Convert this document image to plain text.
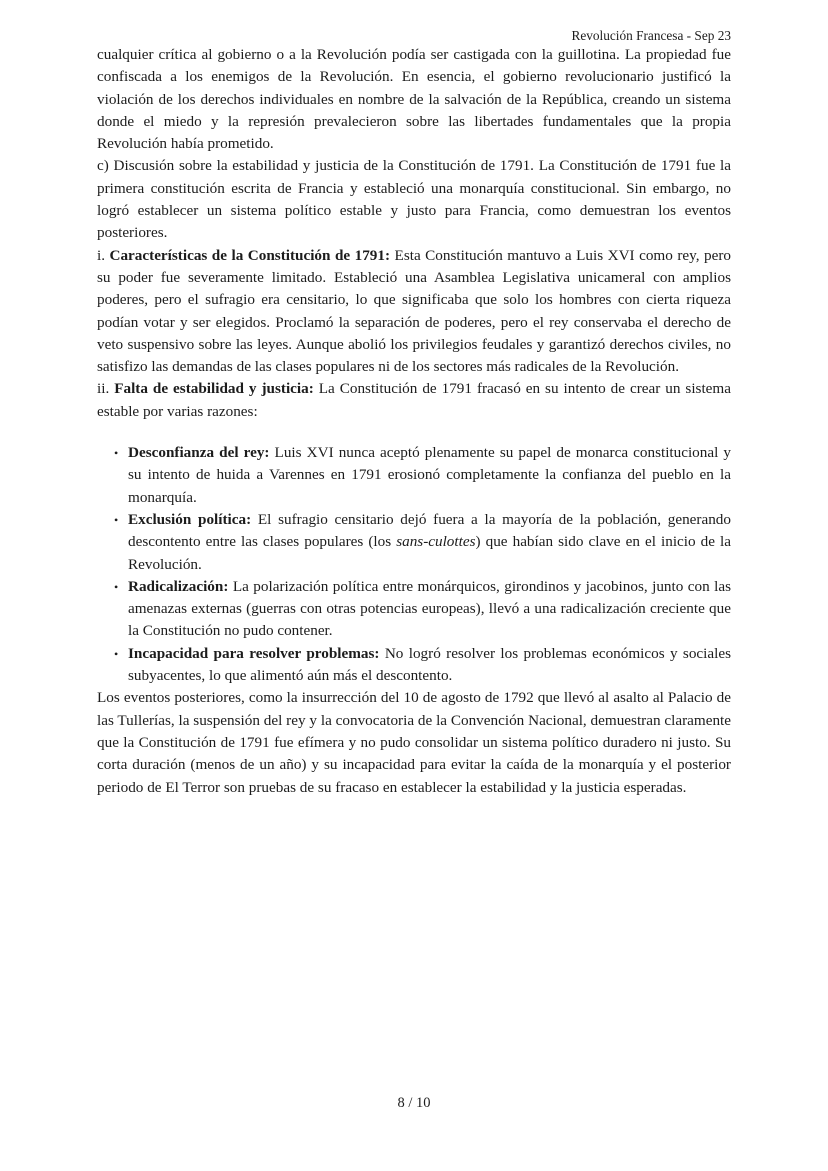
Revolución Francesa - Sep 23

cualquier crítica al gobierno o a la Revolución podía ser castigada con la guillotina. La propiedad fue confiscada a los enemigos de la Revolución. En esencia, el gobierno revolucionario justificó la violación de los derechos individuales en nombre de la salvación de la República, creando un sistema donde el miedo y la represión prevalecieron sobre las libertades fundamentales que la propia Revolución había prometido.

c) Discusión sobre la estabilidad y justicia de la Constitución de 1791. La Constitución de 1791 fue la primera constitución escrita de Francia y estableció una monarquía constitucional. Sin embargo, no logró establecer un sistema político estable y justo para Francia, como demuestran los eventos posteriores.

i. Características de la Constitución de 1791: Esta Constitución mantuvo a Luis XVI como rey, pero su poder fue severamente limitado. Estableció una Asamblea Legislativa unicameral con amplios poderes, pero el sufragio era censitario, lo que significaba que solo los hombres con cierta riqueza podían votar y ser elegidos. Proclamó la separación de poderes, pero el rey conservaba el derecho de veto suspensivo sobre las leyes. Aunque abolió los privilegios feudales y garantizó derechos civiles, no satisfizo las demandas de las clases populares ni de los sectores más radicales de la Revolución.

ii. Falta de estabilidad y justicia: La Constitución de 1791 fracasó en su intento de crear un sistema estable por varias razones:

• Desconfianza del rey: Luis XVI nunca aceptó plenamente su papel de monarca constitucional y su intento de huida a Varennes en 1791 erosionó completamente la confianza del pueblo en la monarquía.
• Exclusión política: El sufragio censitario dejó fuera a la mayoría de la población, generando descontento entre las clases populares (los sans-culottes) que habían sido clave en el inicio de la Revolución.
• Radicalización: La polarización política entre monárquicos, girondinos y jacobinos, junto con las amenazas externas (guerras con otras potencias europeas), llevó a una radicalización creciente que la Constitución no pudo contener.
• Incapacidad para resolver problemas: No logró resolver los problemas económicos y sociales subyacentes, lo que alimentó aún más el descontento.

Los eventos posteriores, como la insurrección del 10 de agosto de 1792 que llevó al asalto al Palacio de las Tullerías, la suspensión del rey y la convocatoria de la Convención Nacional, demuestran claramente que la Constitución de 1791 fue efímera y no pudo consolidar un sistema político duradero ni justo. Su corta duración (menos de un año) y su incapacidad para evitar la caída de la monarquía y el posterior periodo de El Terror son pruebas de su fracaso en establecer la estabilidad y la justicia esperadas.

8 / 10
